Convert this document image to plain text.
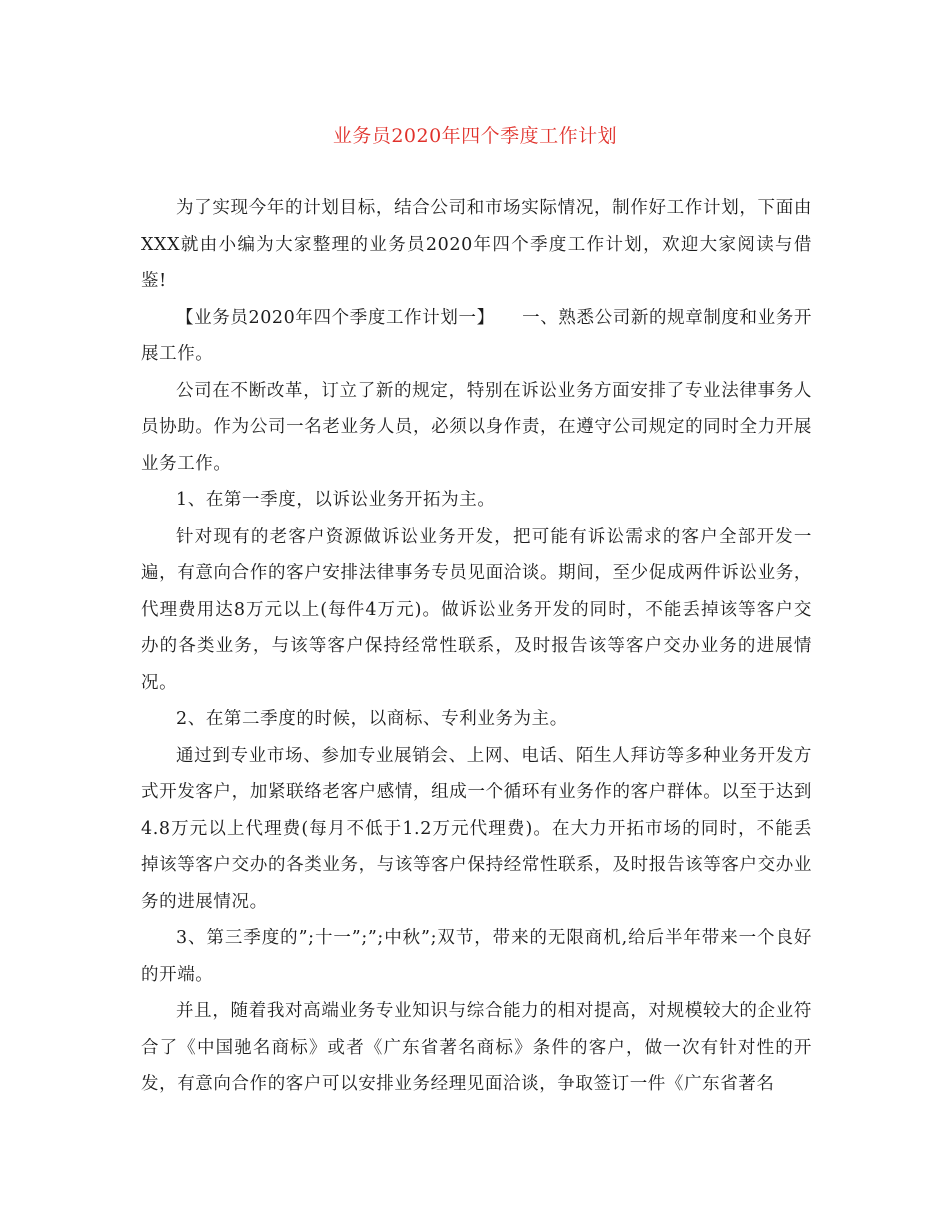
业务员2020年四个季度工作计划

为了实现今年的计划目标，结合公司和市场实际情况，制作好工作计划，下面由XXX就由小编为大家整理的业务员2020年四个季度工作计划，欢迎大家阅读与借鉴!

【业务员2020年四个季度工作计划一】　　一、熟悉公司新的规章制度和业务开展工作。

公司在不断改革，订立了新的规定，特别在诉讼业务方面安排了专业法律事务人员协助。作为公司一名老业务人员，必须以身作责，在遵守公司规定的同时全力开展业务工作。

1、在第一季度，以诉讼业务开拓为主。

针对现有的老客户资源做诉讼业务开发，把可能有诉讼需求的客户全部开发一遍，有意向合作的客户安排法律事务专员见面洽谈。期间，至少促成两件诉讼业务，代理费用达8万元以上(每件4万元)。做诉讼业务开发的同时，不能丢掉该等客户交办的各类业务，与该等客户保持经常性联系，及时报告该等客户交办业务的进展情况。

2、在第二季度的时候，以商标、专利业务为主。

通过到专业市场、参加专业展销会、上网、电话、陌生人拜访等多种业务开发方式开发客户，加紧联络老客户感情，组成一个循环有业务作的客户群体。以至于达到4.8万元以上代理费(每月不低于1.2万元代理费)。在大力开拓市场的同时，不能丢掉该等客户交办的各类业务，与该等客户保持经常性联系，及时报告该等客户交办业务的进展情况。

3、第三季度的”;十一”;”;中秋”;双节，带来的无限商机,给后半年带来一个良好的开端。

并且，随着我对高端业务专业知识与综合能力的相对提高，对规模较大的企业符合了《中国驰名商标》或者《广东省著名商标》条件的客户，做一次有针对性的开发，有意向合作的客户可以安排业务经理见面洽谈，争取签订一件《广东省著名
